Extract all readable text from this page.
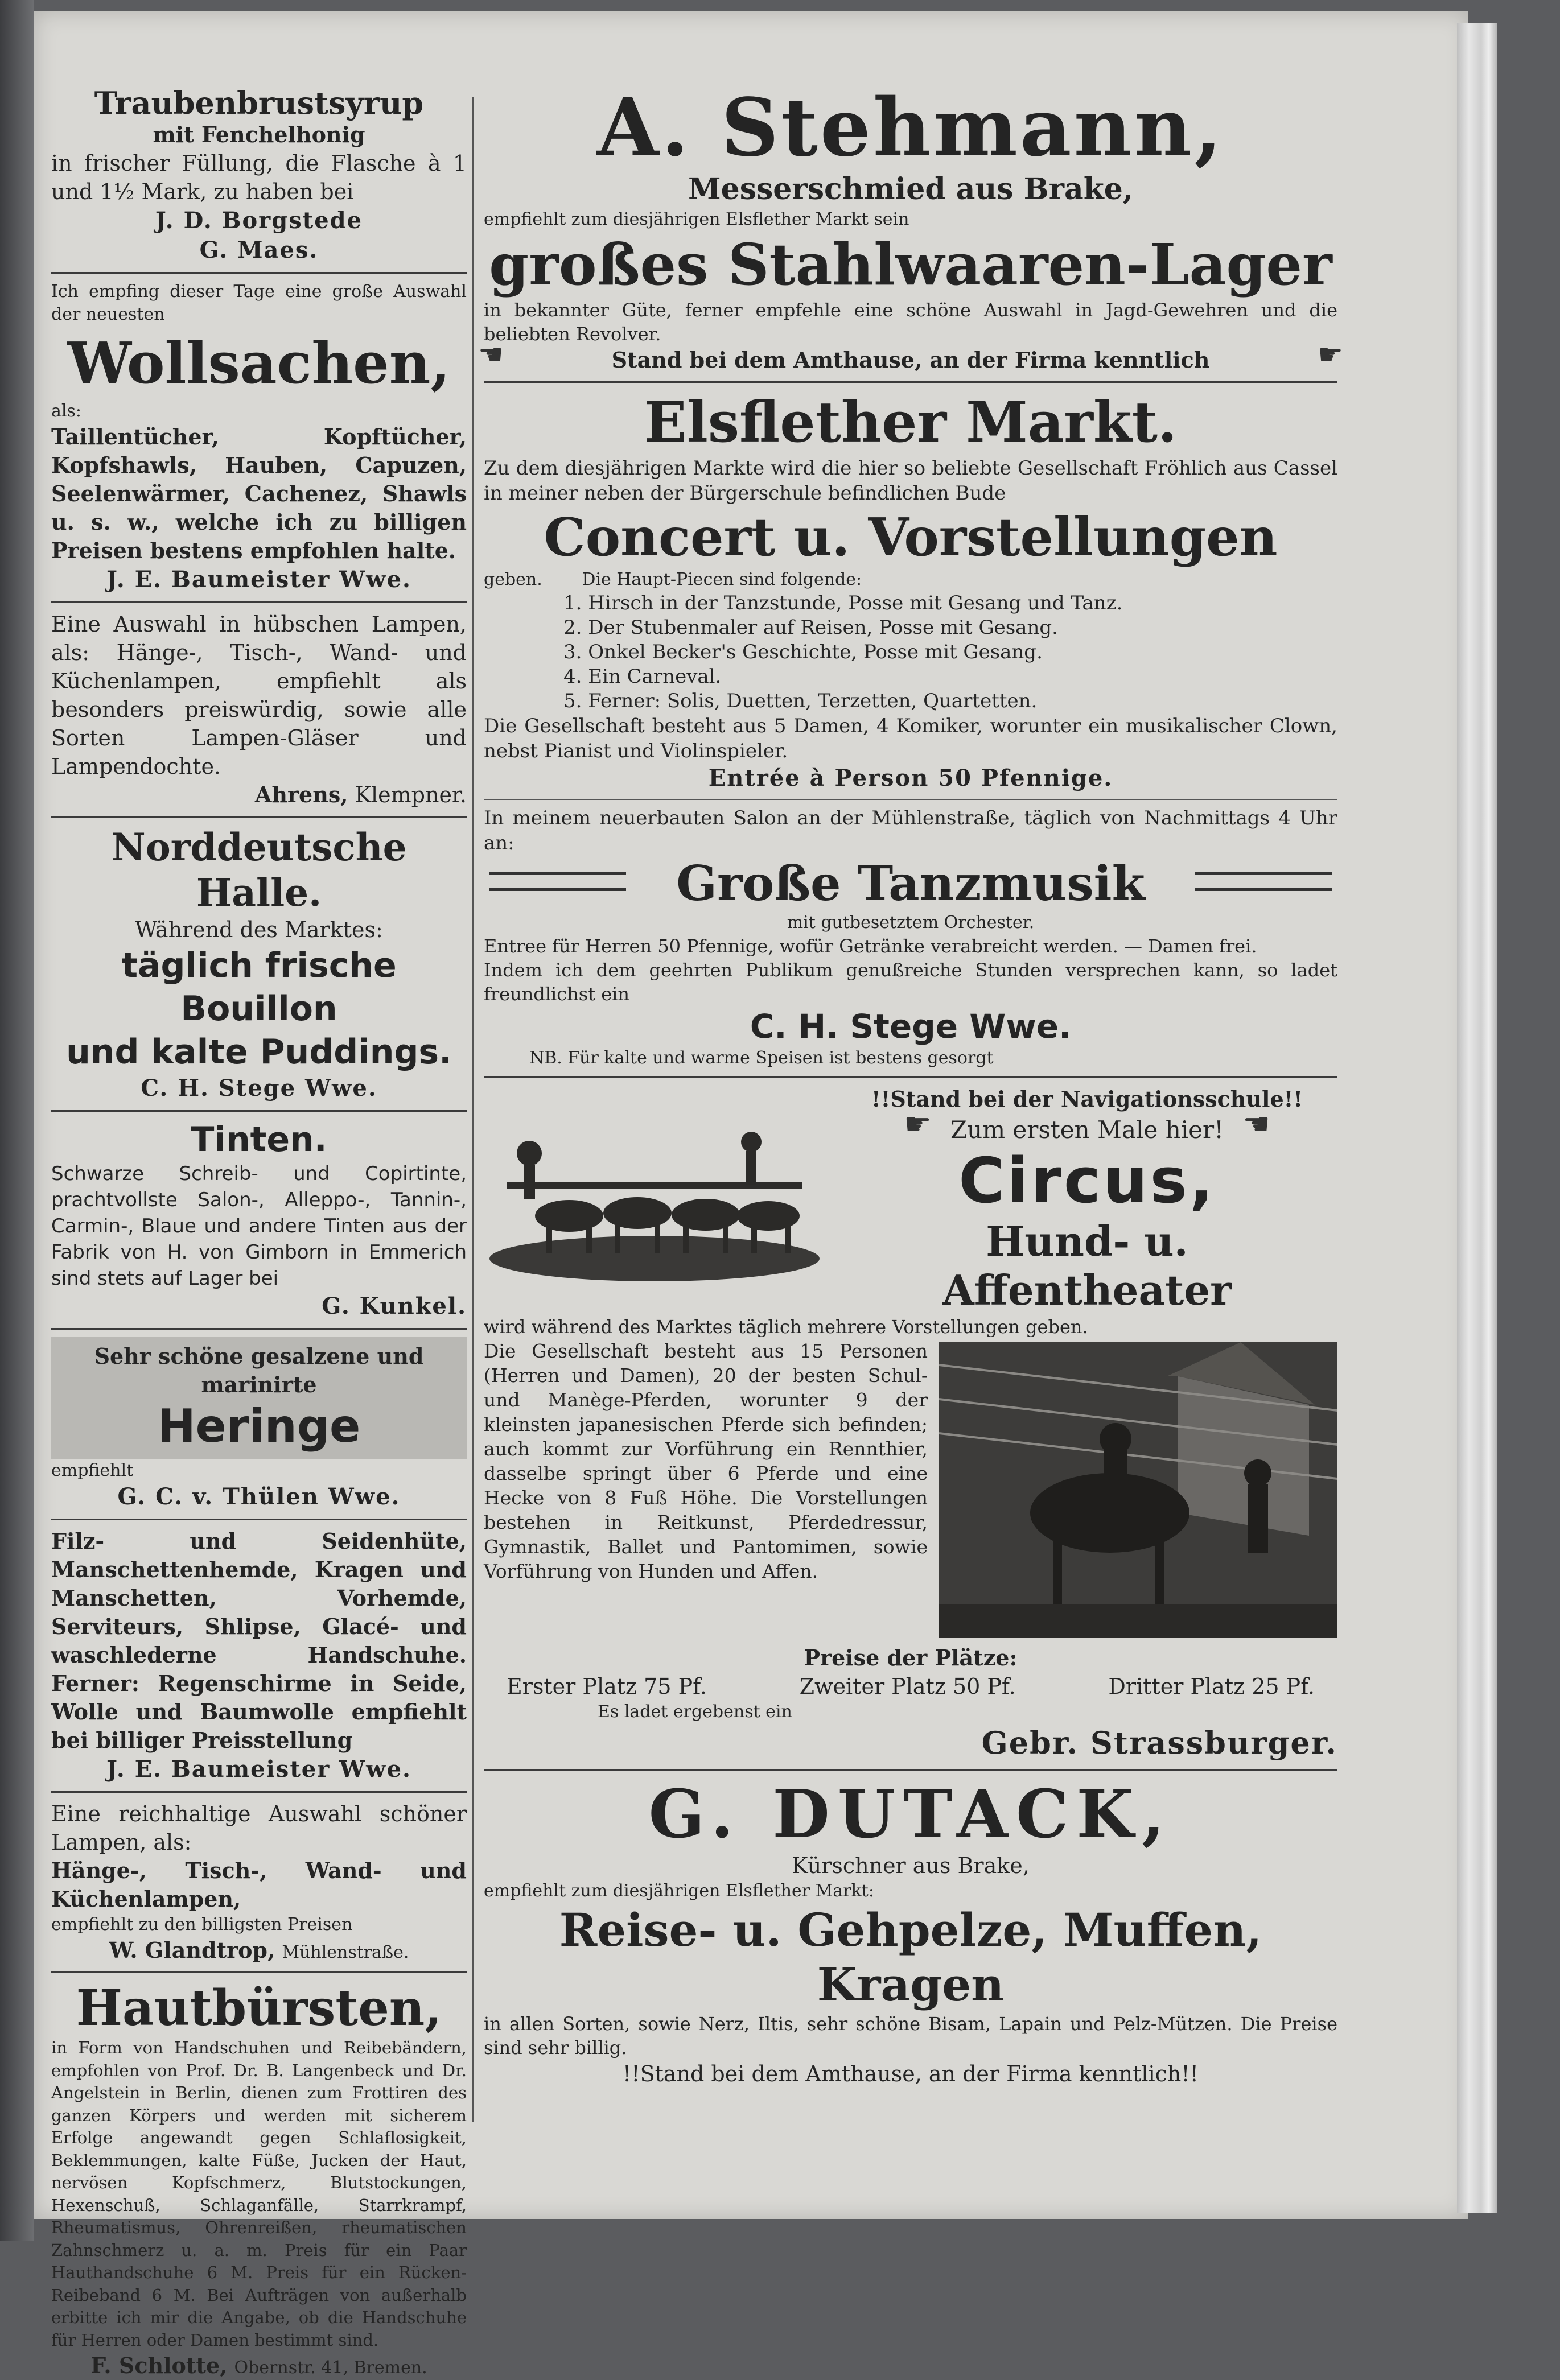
Traubenbrustsyrup
mit Fenchelhonig
in frischer Füllung, die Flasche à 1 und 1½ Mark, zu haben bei
J. D. Borgstede
G. Maes.
Ich empfing dieser Tage eine große Auswahl der neuesten
Wollsachen,
als:
Taillentücher, Kopftücher, Kopfshawls, Hauben, Capuzen, Seelenwärmer, Cachenez, Shawls u. s. w., welche ich zu billigen Preisen bestens empfohlen halte.
J. E. Baumeister Wwe.
Eine Auswahl in hübschen Lampen, als: Hänge-, Tisch-, Wand- und Küchenlampen, empfiehlt als besonders preiswürdig, sowie alle Sorten Lampen-Gläser und Lampendochte.
Ahrens, Klempner.
Norddeutsche Halle.
Während des Marktes:
täglich frische Bouillon
und kalte Puddings.
C. H. Stege Wwe.
Tinten.
Schwarze Schreib- und Copirtinte, prachtvollste Salon-, Alleppo-, Tannin-, Carmin-, Blaue und andere Tinten aus der Fabrik von H. von Gimborn in Emmerich sind stets auf Lager bei
G. Kunkel.
Sehr schöne gesalzene und marinirte
Heringe
empfiehlt
G. C. v. Thülen Wwe.
Filz- und Seidenhüte, Manschettenhemde, Kragen und Manschetten, Vorhemde, Serviteurs, Shlipse, Glacé- und waschlederne Handschuhe. Ferner: Regenschirme in Seide, Wolle und Baumwolle empfiehlt bei billiger Preisstellung
J. E. Baumeister Wwe.
Eine reichhaltige Auswahl schöner Lampen, als:
Hänge-, Tisch-, Wand- und Küchenlampen,
empfiehlt zu den billigsten Preisen
W. Glandtrop, Mühlenstraße.
Hautbürsten,
in Form von Handschuhen und Reibebändern, empfohlen von Prof. Dr. B. Langenbeck und Dr. Angelstein in Berlin, dienen zum Frottiren des ganzen Körpers und werden mit sicherem Erfolge angewandt gegen Schlaflosigkeit, Beklemmungen, kalte Füße, Jucken der Haut, nervösen Kopfschmerz, Blutstockungen, Hexenschuß, Schlaganfälle, Starrkrampf, Rheumatismus, Ohrenreißen, rheumatischen Zahnschmerz u. a. m. Preis für ein Paar Hauthandschuhe 6 M. Preis für ein Rücken-Reibeband 6 M. Bei Aufträgen von außerhalb erbitte ich mir die Angabe, ob die Handschuhe für Herren oder Damen bestimmt sind.
F. Schlotte, Obernstr. 41, Bremen.
A. Stehmann,
Messerschmied aus Brake,
empfiehlt zum diesjährigen Elsflether Markt sein
großes Stahlwaaren-Lager
in bekannter Güte, ferner empfehle eine schöne Auswahl in Jagd-Gewehren und die beliebten Revolver.
☚	Stand bei dem Amthause, an der Firma kenntlich	☛
Elsflether Markt.
Zu dem diesjährigen Markte wird die hier so beliebte Gesellschaft Fröhlich aus Cassel in meiner neben der Bürgerschule befindlichen Bude
Concert u. Vorstellungen
geben. Die Haupt-Piecen sind folgende:
1. Hirsch in der Tanzstunde, Posse mit Gesang und Tanz.
2. Der Stubenmaler auf Reisen, Posse mit Gesang.
3. Onkel Becker's Geschichte, Posse mit Gesang.
4. Ein Carneval.
5. Ferner: Solis, Duetten, Terzetten, Quartetten.
Die Gesellschaft besteht aus 5 Damen, 4 Komiker, worunter ein musikalischer Clown, nebst Pianist und Violinspieler.
Entrée à Person 50 Pfennige.
In meinem neuerbauten Salon an der Mühlenstraße, täglich von Nachmittags 4 Uhr an:
Große Tanzmusik
mit gutbesetztem Orchester.
Entree für Herren 50 Pfennige, wofür Getränke verabreicht werden. — Damen frei.
Indem ich dem geehrten Publikum genußreiche Stunden versprechen kann, so ladet freundlichst ein
C. H. Stege Wwe.
NB. Für kalte und warme Speisen ist bestens gesorgt
!!Stand bei der Navigationsschule!!
☛ Zum ersten Male hier! ☚
Circus,
Hund- u. Affentheater
wird während des Marktes täglich mehrere Vorstellungen geben.
Die Gesellschaft besteht aus 15 Personen (Herren und Damen), 20 der besten Schul- und Manège-Pferden, worunter 9 der kleinsten japanesischen Pferde sich befinden; auch kommt zur Vorführung ein Rennthier, dasselbe springt über 6 Pferde und eine Hecke von 8 Fuß Höhe. Die Vorstellungen bestehen in Reitkunst, Pferdedressur, Gymnastik, Ballet und Pantomimen, sowie Vorführung von Hunden und Affen.
Preise der Plätze:
Erster Platz 75 Pf.	Zweiter Platz 50 Pf.	Dritter Platz 25 Pf.
Es ladet ergebenst ein
Gebr. Strassburger.
G. DUTACK,
Kürschner aus Brake,
empfiehlt zum diesjährigen Elsflether Markt:
Reise- u. Gehpelze, Muffen, Kragen
in allen Sorten, sowie Nerz, Iltis, sehr schöne Bisam, Lapain und Pelz-Mützen. Die Preise sind sehr billig.
!!Stand bei dem Amthause, an der Firma kenntlich!!
